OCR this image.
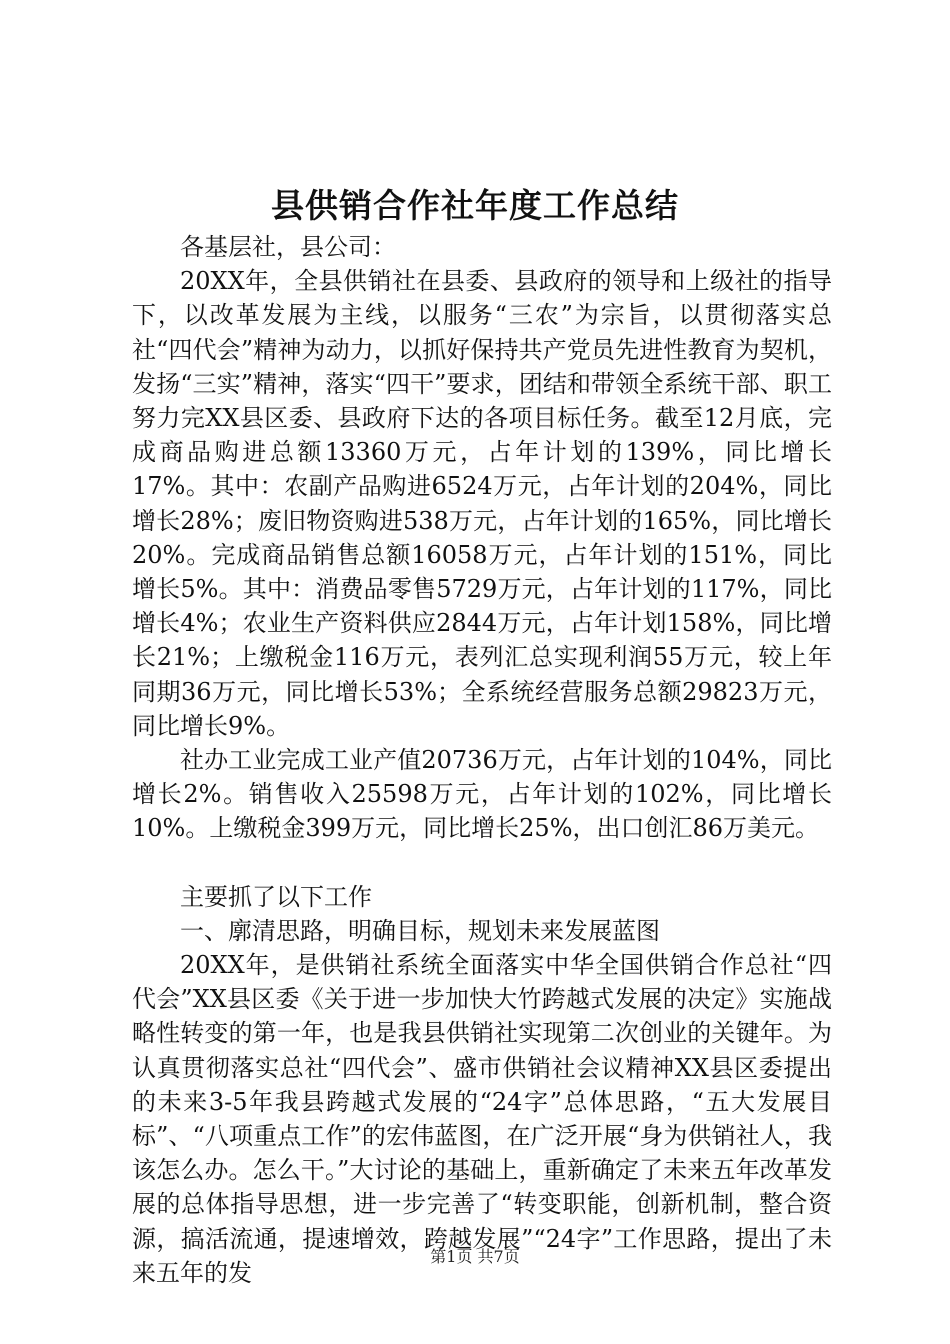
县供销合作社年度工作总结

各基层社，县公司：

20XX年，全县供销社在县委、县政府的领导和上级社的指导下，以改革发展为主线，以服务“三农”为宗旨，以贯彻落实总社“四代会”精神为动力，以抓好保持共产党员先进性教育为契机，发扬“三实”精神，落实“四干”要求，团结和带领全系统干部、职工努力完XX县区委、县政府下达的各项目标任务。截至12月底，完成商品购进总额13360万元，占年计划的139%，同比增长17%。其中：农副产品购进6524万元，占年计划的204%，同比增长28%；废旧物资购进538万元，占年计划的165%，同比增长20%。完成商品销售总额16058万元，占年计划的151%，同比增长5%。其中：消费品零售5729万元，占年计划的117%，同比增长4%；农业生产资料供应2844万元，占年计划158%，同比增长21%；上缴税金116万元，表列汇总实现利润55万元，较上年同期36万元，同比增长53%；全系统经营服务总额29823万元，同比增长9%。

社办工业完成工业产值20736万元，占年计划的104%，同比增长2%。销售收入25598万元，占年计划的102%，同比增长10%。上缴税金399万元，同比增长25%，出口创汇86万美元。

主要抓了以下工作

一、廓清思路，明确目标，规划未来发展蓝图

20XX年，是供销社系统全面落实中华全国供销合作总社“四代会”XX县区委《关于进一步加快大竹跨越式发展的决定》实施战略性转变的第一年，也是我县供销社实现第二次创业的关键年。为认真贯彻落实总社“四代会”、盛市供销社会议精神XX县区委提出的未来3-5年我县跨越式发展的“24字”总体思路，“五大发展目标”、“八项重点工作”的宏伟蓝图，在广泛开展“身为供销社人，我该怎么办。怎么干。”大讨论的基础上，重新确定了未来五年改革发展的总体指导思想，进一步完善了“转变职能，创新机制，整合资源，搞活流通，提速增效，跨越发展”“24字”工作思路，提出了未来五年的发

第1页 共7页
